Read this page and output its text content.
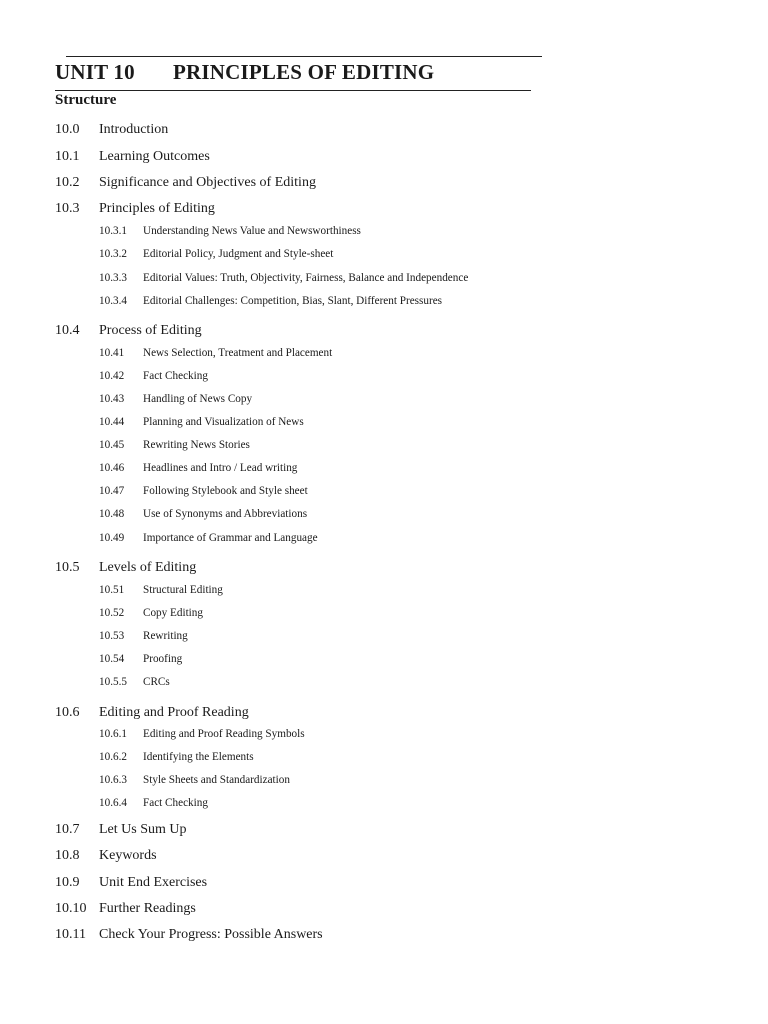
UNIT 10 PRINCIPLES OF EDITING
Structure
10.0 Introduction
10.1 Learning Outcomes
10.2 Significance and Objectives of Editing
10.3 Principles of Editing
10.3.1 Understanding News Value and Newsworthiness
10.3.2 Editorial Policy, Judgment and Style-sheet
10.3.3 Editorial Values: Truth, Objectivity, Fairness, Balance and Independence
10.3.4 Editorial Challenges: Competition, Bias, Slant, Different Pressures
10.4 Process of Editing
10.41 News Selection, Treatment and Placement
10.42 Fact Checking
10.43 Handling of News Copy
10.44 Planning and Visualization of News
10.45 Rewriting News Stories
10.46 Headlines and Intro / Lead writing
10.47 Following Stylebook and Style sheet
10.48 Use of Synonyms and Abbreviations
10.49 Importance of Grammar and Language
10.5 Levels of Editing
10.51 Structural Editing
10.52 Copy Editing
10.53 Rewriting
10.54 Proofing
10.5.5 CRCs
10.6 Editing and Proof Reading
10.6.1 Editing and Proof Reading Symbols
10.6.2 Identifying the Elements
10.6.3 Style Sheets and Standardization
10.6.4 Fact Checking
10.7 Let Us Sum Up
10.8 Keywords
10.9 Unit End Exercises
10.10 Further Readings
10.11 Check Your Progress: Possible Answers
